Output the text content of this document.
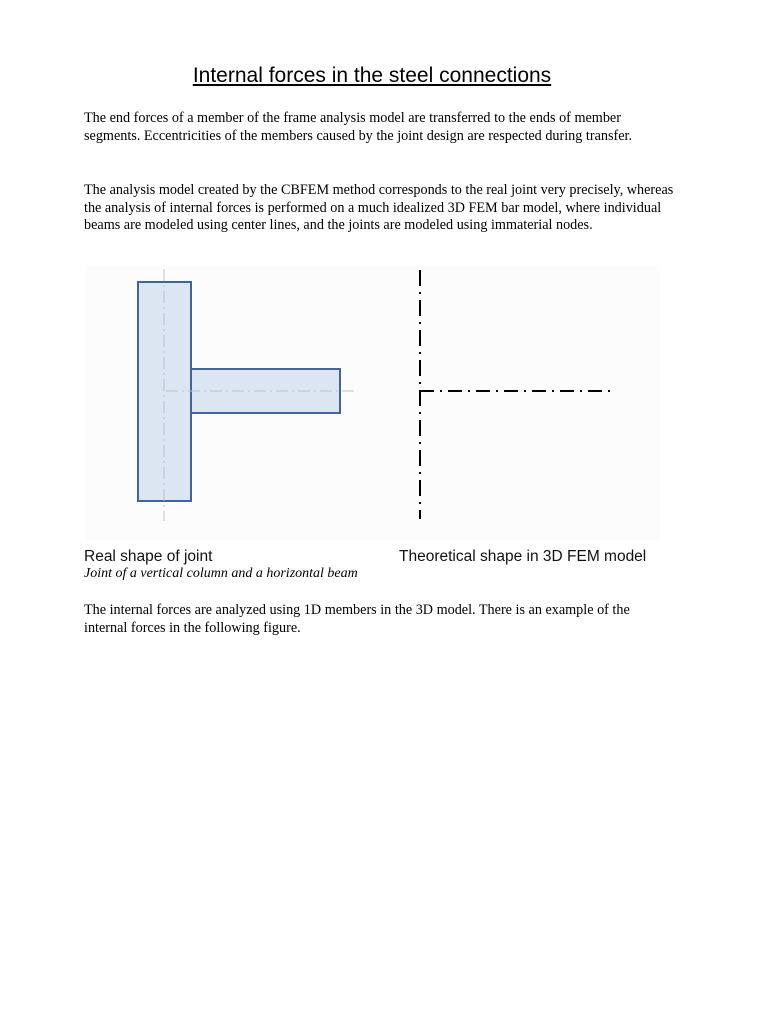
Internal forces in the steel connections

The end forces of a member of the frame analysis model are transferred to the ends of member segments. Eccentricities of the members caused by the joint design are respected during transfer.

The analysis model created by the CBFEM method corresponds to the real joint very precisely, whereas the analysis of internal forces is performed on a much idealized 3D FEM bar model, where individual beams are modeled using center lines, and the joints are modeled using immaterial nodes.

Real shape of joint	Theoretical shape in 3D FEM model
Joint of a vertical column and a horizontal beam

The internal forces are analyzed using 1D members in the 3D model. There is an example of the internal forces in the following figure.
